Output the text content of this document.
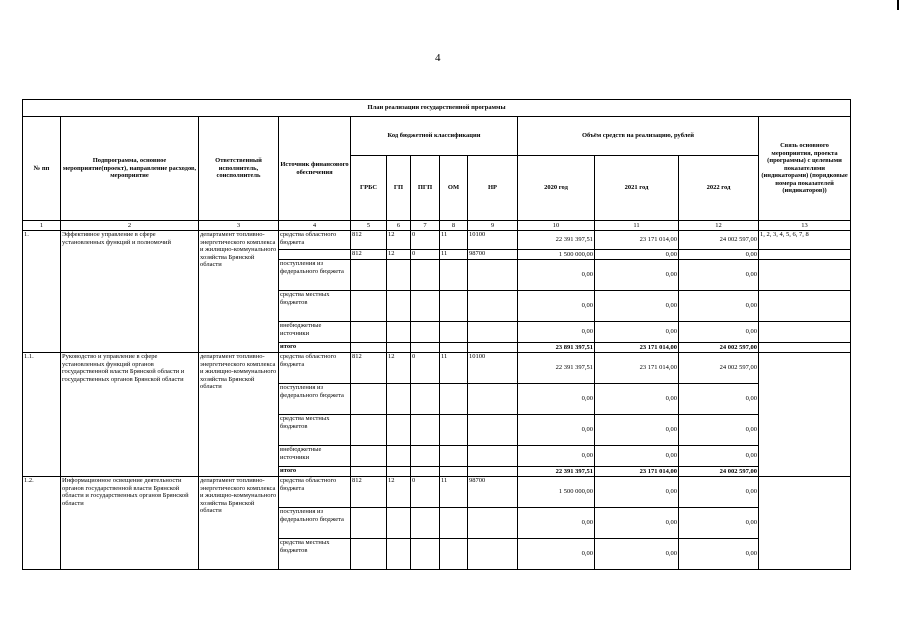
4
План реализации государственной программы												
№ пп	Подпрограмма, основное мероприятие(проект), направление расходов, мероприятие	Ответственный исполнитель, соисполнитель	Источник финансового обеспечения	Код бюджетной классификации					Объём средств на реализацию, рублей			Связь основного мероприятия, проекта (программы) с целевыми показателями (индикаторами) (порядковые номера показателей (индикаторов))
				ГРБС	ГП	ПГП	ОМ	НР	2020 год	2021 год	2022 год	
1	2	3	4	5	6	7	8	9	10	11	12	13
1.	Эффективное управление в сфере установленных функций и полномочий	департамент топливно-энергетического комплекса и жилищно-коммунального хозяйства Брянской области	средства областного бюджета	812	12	0	11	10100	22 391 397,51	23 171 014,00	24 002 597,00	1, 2, 3, 4, 5, 6, 7, 8
				812	12	0	11	98700	1 500 000,00	0,00	0,00	
			поступления из федерального бюджета						0,00	0,00	0,00	
			средства местных бюджетов						0,00	0,00	0,00	
			внебюджетные источники						0,00	0,00	0,00	
			итого						23 891 397,51	23 171 014,00	24 002 597,00	
1.1.	Руководство и управление в сфере установленных функций органов государственной власти Брянской области и государственных органов Брянской области	департамент топливно-энергетического комплекса и жилищно-коммунального хозяйства Брянской области	средства областного бюджета	812	12	0	11	10100	22 391 397,51	23 171 014,00	24 002 597,00	
			поступления из федерального бюджета						0,00	0,00	0,00	
			средства местных бюджетов						0,00	0,00	0,00	
			внебюджетные источники						0,00	0,00	0,00	
			итого						22 391 397,51	23 171 014,00	24 002 597,00	
1.2.	Информационное освещение деятельности органов государственной власти Брянской области и государственных органов Брянской области	департамент топливно-энергетического комплекса и жилищно-коммунального хозяйства Брянской области	средства областного бюджета	812	12	0	11	98700	1 500 000,00	0,00	0,00	
			поступления из федерального бюджета						0,00	0,00	0,00	
			средства местных бюджетов						0,00	0,00	0,00	
